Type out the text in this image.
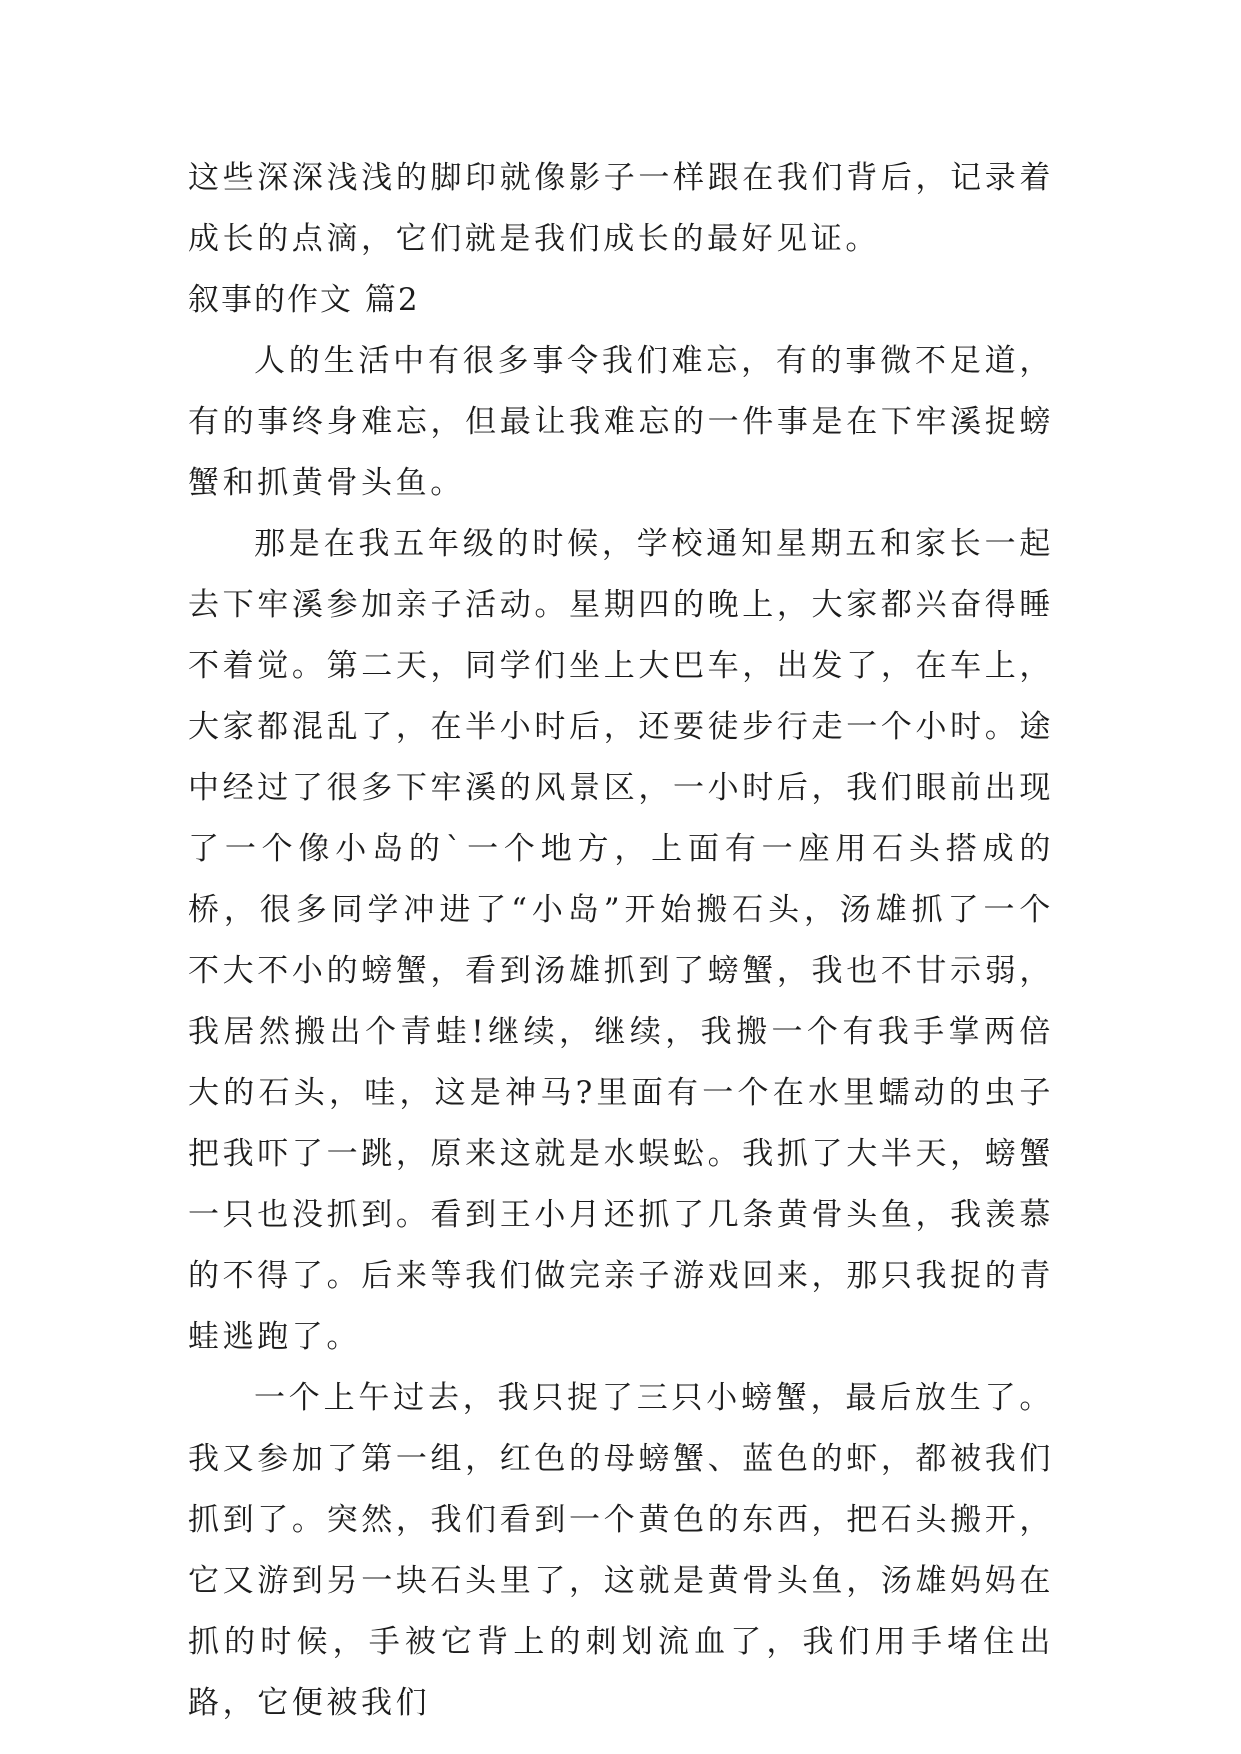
这些深深浅浅的脚印就像影子一样跟在我们背后，记录着成长的点滴，它们就是我们成长的最好见证。

叙事的作文 篇2

人的生活中有很多事令我们难忘，有的事微不足道，有的事终身难忘，但最让我难忘的一件事是在下牢溪捉螃蟹和抓黄骨头鱼。

那是在我五年级的时候，学校通知星期五和家长一起去下牢溪参加亲子活动。星期四的晚上，大家都兴奋得睡不着觉。第二天，同学们坐上大巴车，出发了，在车上，大家都混乱了，在半小时后，还要徒步行走一个小时。途中经过了很多下牢溪的风景区，一小时后，我们眼前出现了一个像小岛的`一个地方，上面有一座用石头搭成的桥，很多同学冲进了“小岛”开始搬石头，汤雄抓了一个不大不小的螃蟹，看到汤雄抓到了螃蟹，我也不甘示弱，我居然搬出个青蛙!继续，继续，我搬一个有我手掌两倍大的石头，哇，这是神马?里面有一个在水里蠕动的虫子把我吓了一跳，原来这就是水蜈蚣。我抓了大半天，螃蟹一只也没抓到。看到王小月还抓了几条黄骨头鱼，我羡慕的不得了。后来等我们做完亲子游戏回来，那只我捉的青蛙逃跑了。

一个上午过去，我只捉了三只小螃蟹，最后放生了。我又参加了第一组，红色的母螃蟹、蓝色的虾，都被我们抓到了。突然，我们看到一个黄色的东西，把石头搬开，它又游到另一块石头里了，这就是黄骨头鱼，汤雄妈妈在抓的时候，手被它背上的刺划流血了，我们用手堵住出路，它便被我们
